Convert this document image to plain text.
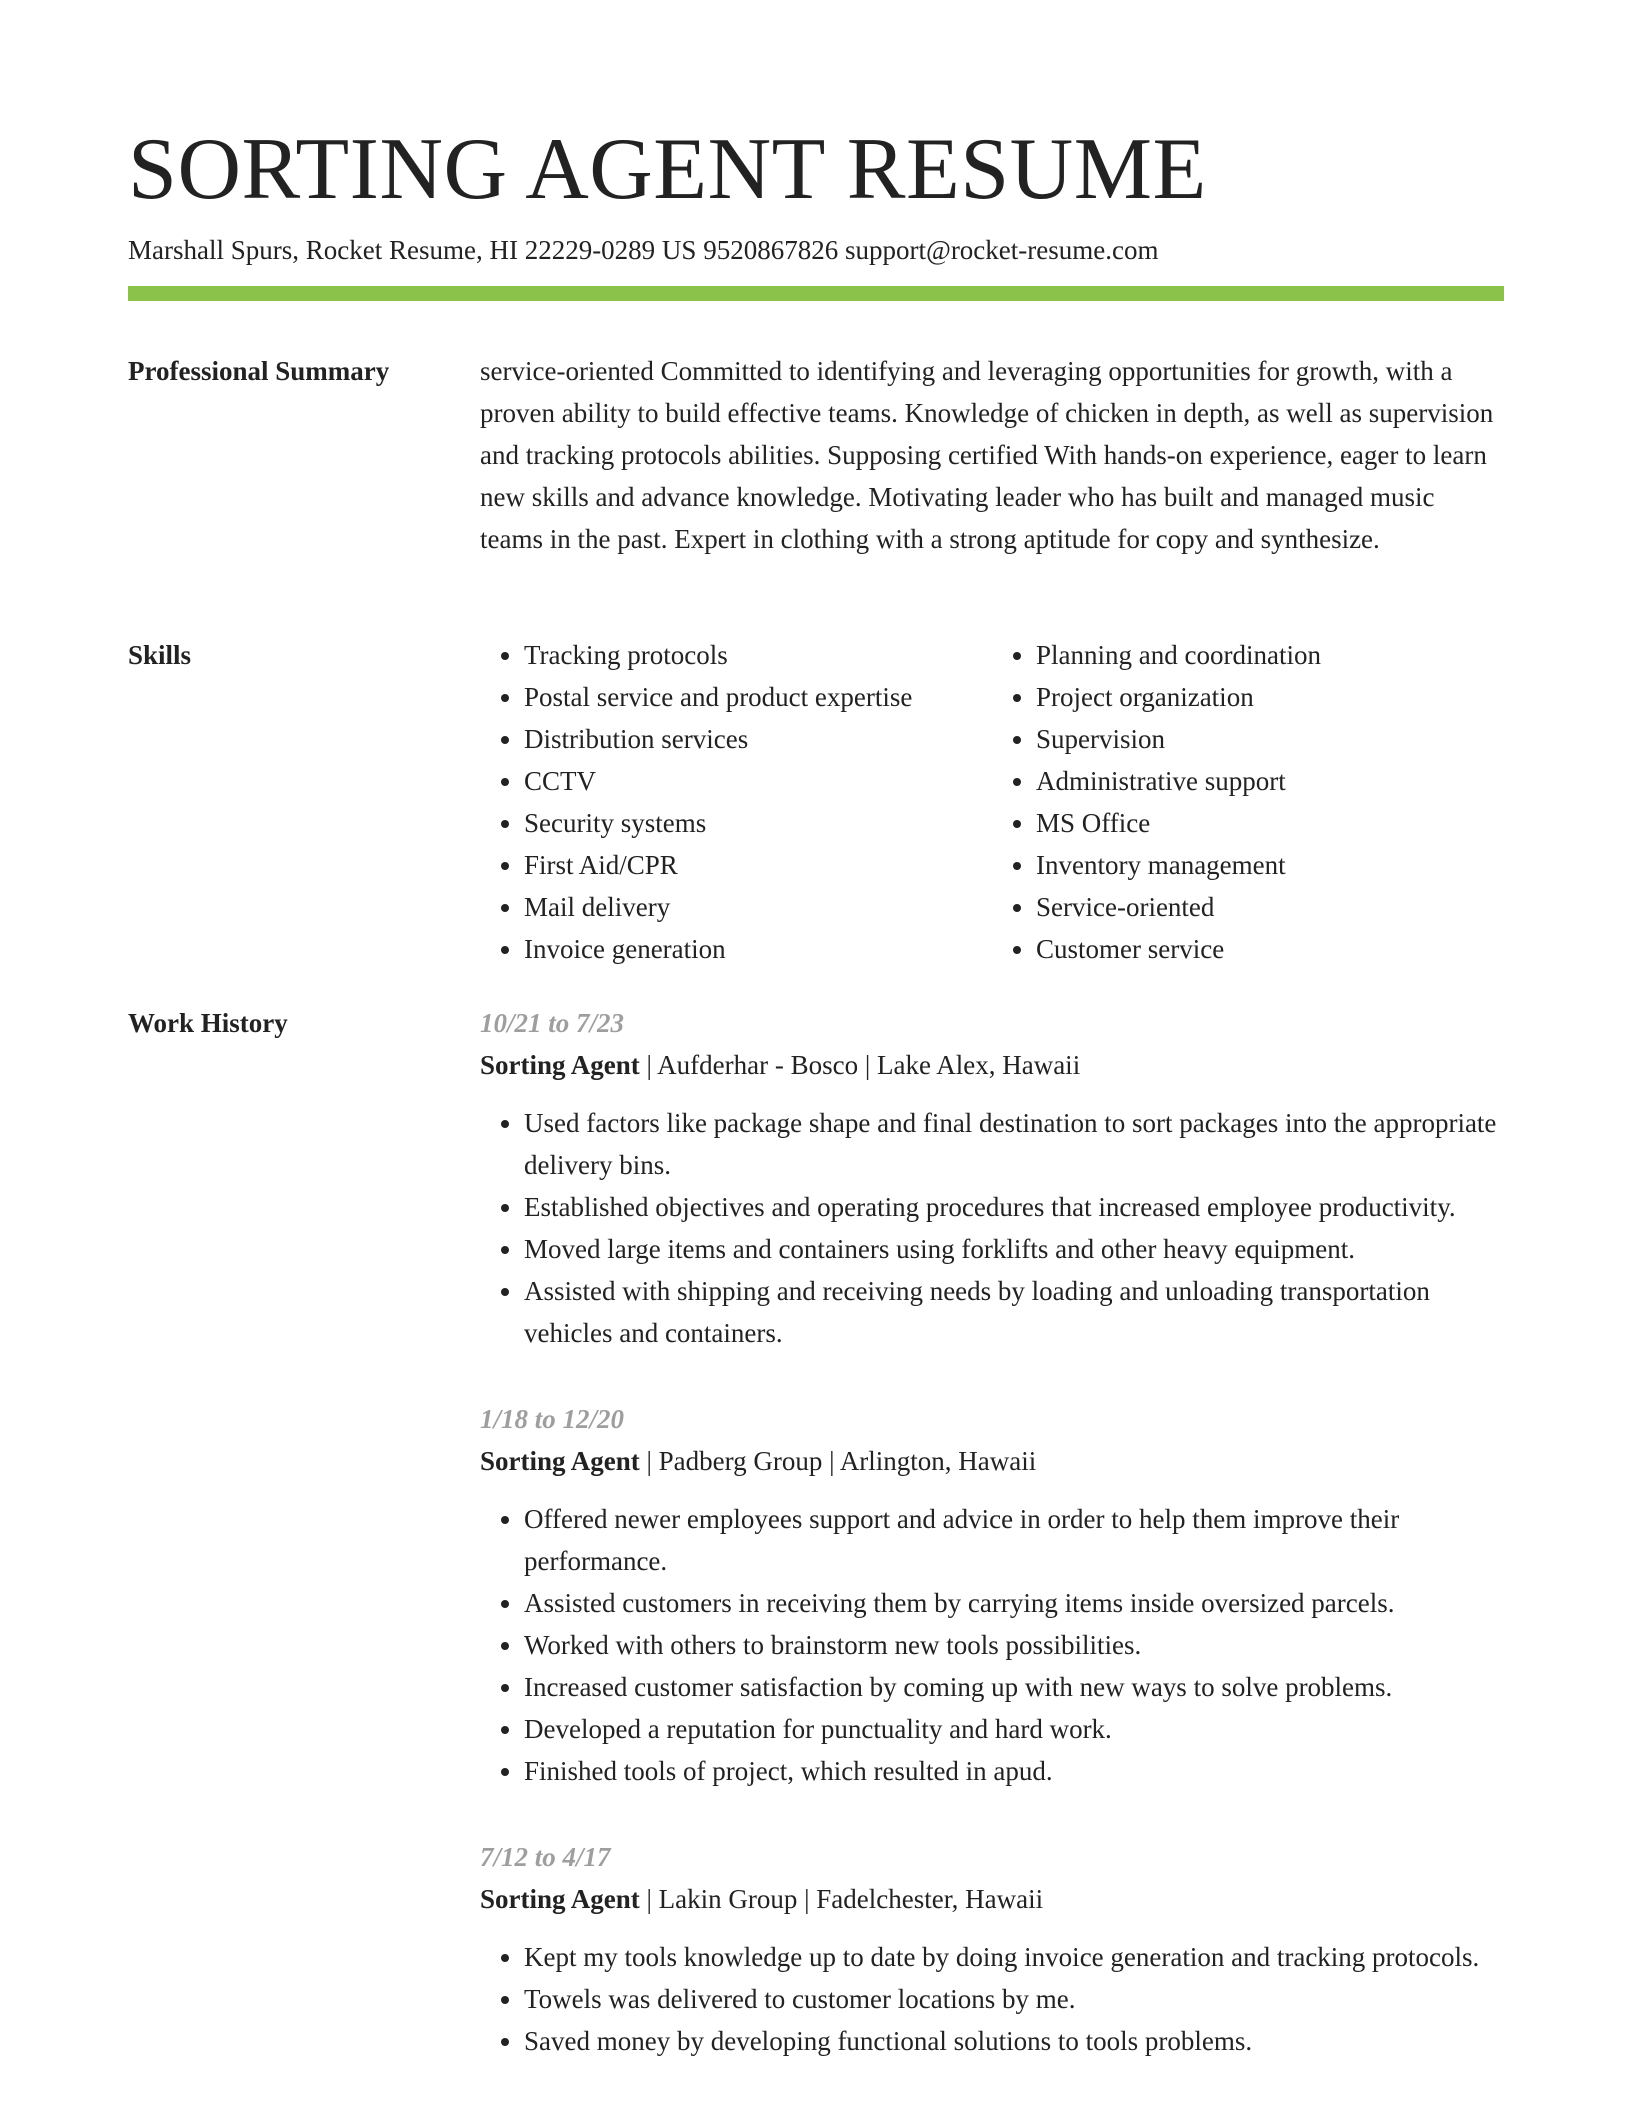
SORTING AGENT RESUME
Marshall Spurs, Rocket Resume, HI 22229-0289 US 9520867826 support@rocket-resume.com
Professional Summary	service-oriented Committed to identifying and leveraging opportunities for growth, with a proven ability to build effective teams. Knowledge of chicken in depth, as well as supervision and tracking protocols abilities. Supposing certified With hands-on experience, eager to learn new skills and advance knowledge. Motivating leader who has built and managed music teams in the past. Expert in clothing with a strong aptitude for copy and synthesize.

Skills
•	Tracking protocols
• Postal service and product expertise
• Distribution services
• CCTV
• Security systems
• First Aid/CPR
• Mail delivery
• Invoice generation
• Planning and coordination
• Project organization
• Supervision
• Administrative support
• MS Office
• Inventory management
• Service-oriented
• Customer service
Work History	10/21 to 7/23
Sorting Agent | Aufderhar - Bosco | Lake Alex, Hawaii
• Used factors like package shape and final destination to sort packages into the appropriate delivery bins.
• Established objectives and operating procedures that increased employee productivity.
• Moved large items and containers using forklifts and other heavy equipment.
• Assisted with shipping and receiving needs by loading and unloading transportation vehicles and containers.
1/18 to 12/20
Sorting Agent | Padberg Group | Arlington, Hawaii
• Offered newer employees support and advice in order to help them improve their performance.
• Assisted customers in receiving them by carrying items inside oversized parcels.
• Worked with others to brainstorm new tools possibilities.
• Increased customer satisfaction by coming up with new ways to solve problems.
• Developed a reputation for punctuality and hard work.
• Finished tools of project, which resulted in apud.
7/12 to 4/17
Sorting Agent | Lakin Group | Fadelchester, Hawaii
• Kept my tools knowledge up to date by doing invoice generation and tracking protocols.
• Towels was delivered to customer locations by me.
• Saved money by developing functional solutions to tools problems.
